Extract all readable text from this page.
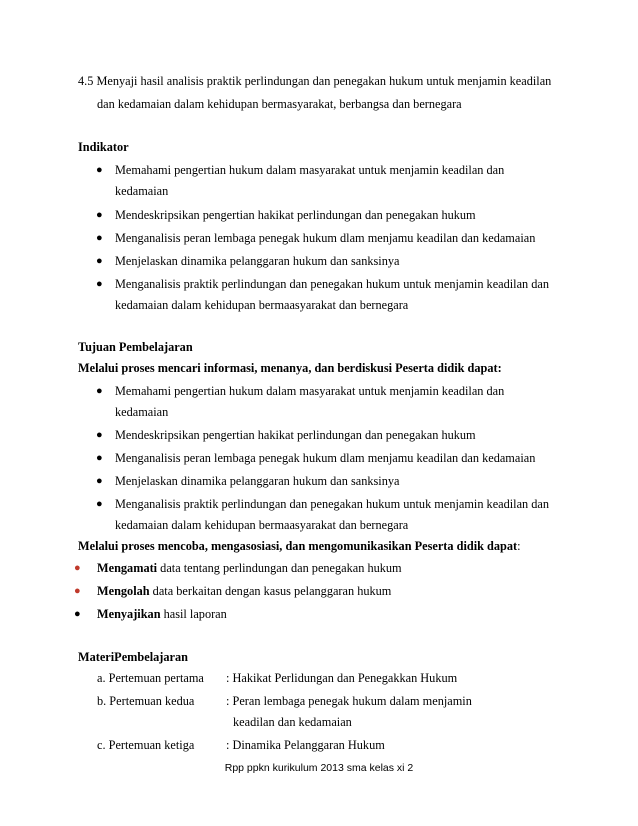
4.5 Menyaji hasil analisis praktik perlindungan dan penegakan hukum untuk menjamin keadilan
dan kedamaian dalam kehidupan bermasyarakat, berbangsa dan bernegara
Indikator
● Memahami pengertian hukum dalam masyarakat untuk menjamin keadilan dan
kedamaian
● Mendeskripsikan pengertian hakikat perlindungan dan penegakan hukum
● Menganalisis peran lembaga penegak hukum dlam menjamu keadilan dan kedamaian
● Menjelaskan dinamika pelanggaran hukum dan sanksinya
● Menganalisis praktik perlindungan dan penegakan hukum untuk menjamin keadilan dan
kedamaian dalam kehidupan bermaasyarakat dan bernegara
Tujuan Pembelajaran
Melalui proses mencari informasi, menanya, dan berdiskusi Peserta didik dapat:
● Memahami pengertian hukum dalam masyarakat untuk menjamin keadilan dan
kedamaian
● Mendeskripsikan pengertian hakikat perlindungan dan penegakan hukum
● Menganalisis peran lembaga penegak hukum dlam menjamu keadilan dan kedamaian
● Menjelaskan dinamika pelanggaran hukum dan sanksinya
● Menganalisis praktik perlindungan dan penegakan hukum untuk menjamin keadilan dan
kedamaian dalam kehidupan bermaasyarakat dan bernegara
Melalui proses mencoba, mengasosiasi, dan mengomunikasikan Peserta didik dapat:
● Mengamati data tentang perlindungan dan penegakan hukum
● Mengolah data berkaitan dengan kasus pelanggaran hukum
● Menyajikan hasil laporan
MateriPembelajaran
a. Pertemuan pertama : Hakikat Perlidungan dan Penegakkan Hukum
b. Pertemuan kedua	: Peran lembaga penegak hukum dalam menjamin
keadilan dan kedamaian
c. Pertemuan ketiga	: Dinamika Pelanggaran Hukum
Rpp ppkn kurikulum 2013 sma kelas xi 2
